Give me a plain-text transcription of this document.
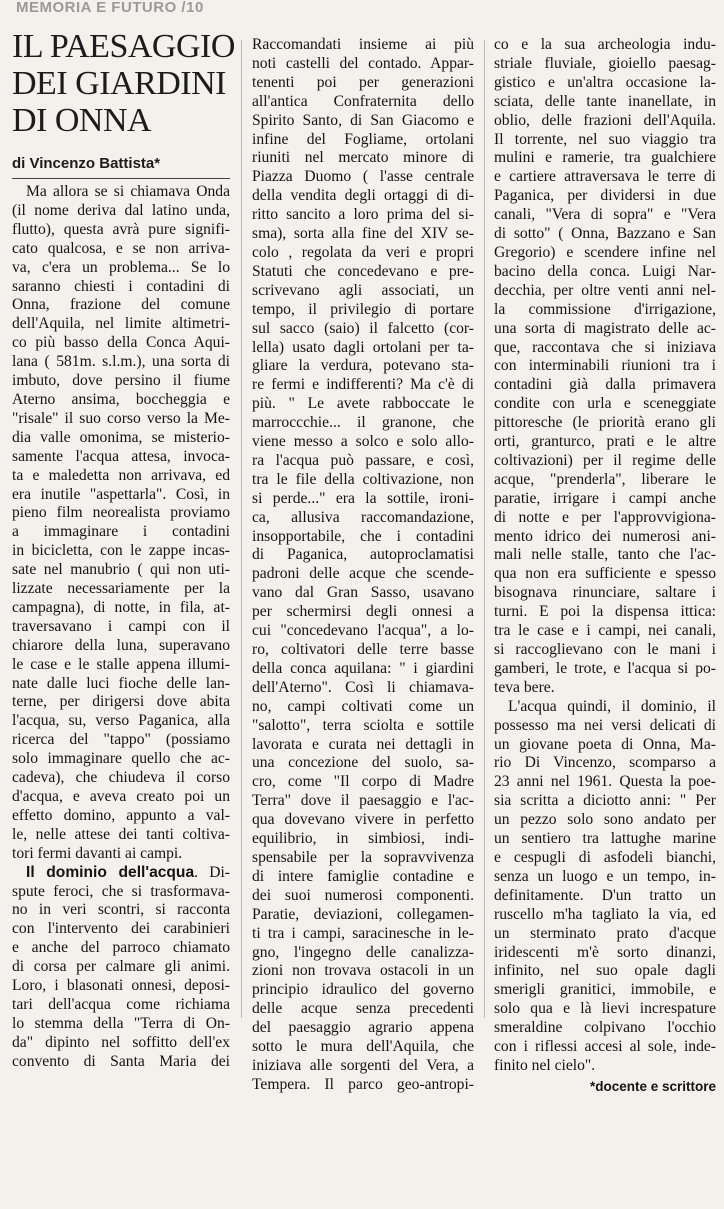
MEMORIA E FUTURO /10
IL PAESAGGIO
DEI GIARDINI
DI ONNA
di Vincenzo Battista*
Ma allora se si chiamava Onda
(il nome deriva dal latino unda,
flutto), questa avrà pure signifi-
cato qualcosa, e se non arriva-
va, c'era un problema... Se lo
saranno chiesti i contadini di
Onna, frazione del comune
dell'Aquila, nel limite altimetri-
co più basso della Conca Aqui-
lana ( 581m. s.l.m.), una sorta di
imbuto, dove persino il fiume
Aterno ansima, boccheggia e
"risale" il suo corso verso la Me-
dia valle omonima, se misterio-
samente l'acqua attesa, invoca-
ta e maledetta non arrivava, ed
era inutile "aspettarla". Così, in
pieno film neorealista proviamo
a immaginare i contadini
in bicicletta, con le zappe incas-
sate nel manubrio ( qui non uti-
lizzate necessariamente per la
campagna), di notte, in fila, at-
traversavano i campi con il
chiarore della luna, superavano
le case e le stalle appena illumi-
nate dalle luci fioche delle lan-
terne, per dirigersi dove abita
l'acqua, su, verso Paganica, alla
ricerca del "tappo" (possiamo
solo immaginare quello che ac-
cadeva), che chiudeva il corso
d'acqua, e aveva creato poi un
effetto domino, appunto a val-
le, nelle attese dei tanti coltiva-
tori fermi davanti ai campi.
Il dominio dell'acqua. Di-
spute feroci, che si trasformava-
no in veri scontri, si racconta
con l'intervento dei carabinieri
e anche del parroco chiamato
di corsa per calmare gli animi.
Loro, i blasonati onnesi, deposi-
tari dell'acqua come richiama
lo stemma della "Terra di On-
da" dipinto nel soffitto dell'ex
convento di Santa Maria dei
Raccomandati insieme ai più
noti castelli del contado. Appar-
tenenti poi per generazioni
all'antica Confraternita dello
Spirito Santo, di San Giacomo e
infine del Fogliame, ortolani
riuniti nel mercato minore di
Piazza Duomo ( l'asse centrale
della vendita degli ortaggi di di-
ritto sancito a loro prima del si-
sma), sorta alla fine del XIV se-
colo , regolata da veri e propri
Statuti che concedevano e pre-
scrivevano agli associati, un
tempo, il privilegio di portare
sul sacco (saio) il falcetto (cor-
lella) usato dagli ortolani per ta-
gliare la verdura, potevano sta-
re fermi e indifferenti? Ma c'è di
più. " Le avete rabboccate le
marroccchie... il granone, che
viene messo a solco e solo allo-
ra l'acqua può passare, e così,
tra le file della coltivazione, non
si perde..." era la sottile, ironi-
ca, allusiva raccomandazione,
insopportabile, che i contadini
di Paganica, autoproclamatisi
padroni delle acque che scende-
vano dal Gran Sasso, usavano
per schermirsi degli onnesi a
cui "concedevano l'acqua", a lo-
ro, coltivatori delle terre basse
della conca aquilana: " i giardini
dell'Aterno". Così li chiamava-
no, campi coltivati come un
"salotto", terra sciolta e sottile
lavorata e curata nei dettagli in
una concezione del suolo, sa-
cro, come "Il corpo di Madre
Terra" dove il paesaggio e l'ac-
qua dovevano vivere in perfetto
equilibrio, in simbiosi, indi-
spensabile per la sopravvivenza
di intere famiglie contadine e
dei suoi numerosi componenti.
Paratie, deviazioni, collegamen-
ti tra i campi, saracinesche in le-
gno, l'ingegno delle canalizza-
zioni non trovava ostacoli in un
principio idraulico del governo
delle acque senza precedenti
del paesaggio agrario appena
sotto le mura dell'Aquila, che
iniziava alle sorgenti del Vera, a
Tempera. Il parco geo-antropi-
co e la sua archeologia indu-
striale fluviale, gioiello paesag-
gistico e un'altra occasione la-
sciata, delle tante inanellate, in
oblio, delle frazioni dell'Aquila.
Il torrente, nel suo viaggio tra
mulini e ramerie, tra gualchiere
e cartiere attraversava le terre di
Paganica, per dividersi in due
canali, "Vera di sopra" e "Vera
di sotto" ( Onna, Bazzano e San
Gregorio) e scendere infine nel
bacino della conca. Luigi Nar-
decchia, per oltre venti anni nel-
la commissione d'irrigazione,
una sorta di magistrato delle ac-
que, raccontava che si iniziava
con interminabili riunioni tra i
contadini già dalla primavera
condite con urla e sceneggiate
pittoresche (le priorità erano gli
orti, granturco, prati e le altre
coltivazioni) per il regime delle
acque, "prenderla", liberare le
paratie, irrigare i campi anche
di notte e per l'approvvigiona-
mento idrico dei numerosi ani-
mali nelle stalle, tanto che l'ac-
qua non era sufficiente e spesso
bisognava rinunciare, saltare i
turni. E poi la dispensa ittica:
tra le case e i campi, nei canali,
si raccoglievano con le mani i
gamberi, le trote, e l'acqua si po-
teva bere.
L'acqua quindi, il dominio, il
possesso ma nei versi delicati di
un giovane poeta di Onna, Ma-
rio Di Vincenzo, scomparso a
23 anni nel 1961. Questa la poe-
sia scritta a diciotto anni: " Per
un pezzo solo sono andato per
un sentiero tra lattughe marine
e cespugli di asfodeli bianchi,
senza un luogo e un tempo, in-
definitamente. D'un tratto un
ruscello m'ha tagliato la via, ed
un sterminato prato d'acque
iridescenti m'è sorto dinanzi,
infinito, nel suo opale dagli
smerigli granitici, immobile, e
solo qua e là lievi increspature
smeraldine colpivano l'occhio
con i riflessi accesi al sole, inde-
finito nel cielo".
*docente e scrittore
